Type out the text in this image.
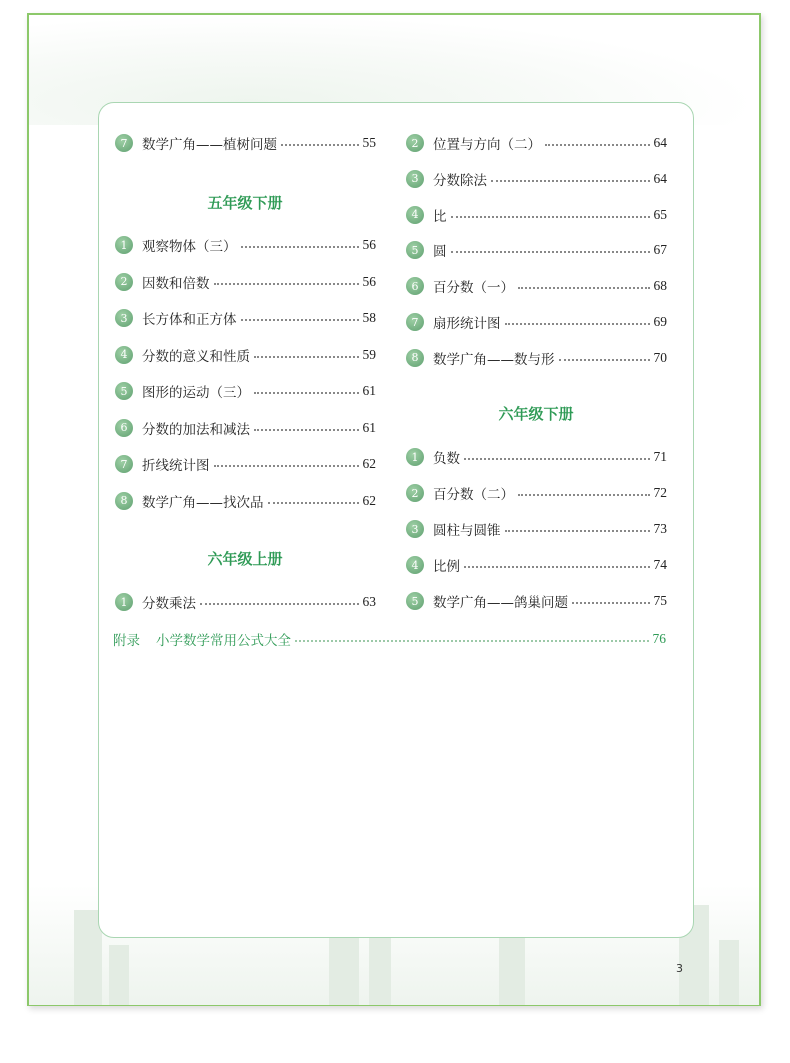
7	数学广角——植树问题	55
五年级下册
1	观察物体（三）	56
2	因数和倍数	56
3	长方体和正方体	58
4	分数的意义和性质	59
5	图形的运动（三）	61
6	分数的加法和减法	61
7	折线统计图	62
8	数学广角——找次品	62
六年级上册
1	分数乘法	63
2	位置与方向（二）	64
3	分数除法	64
4	比	65
5	圆	67
6	百分数（一）	68
7	扇形统计图	69
8	数学广角——数与形	70
六年级下册
1	负数	71
2	百分数（二）	72
3	圆柱与圆锥	73
4	比例	74
5	数学广角——鸽巢问题	75
附录 小学数学常用公式大全	76
3
